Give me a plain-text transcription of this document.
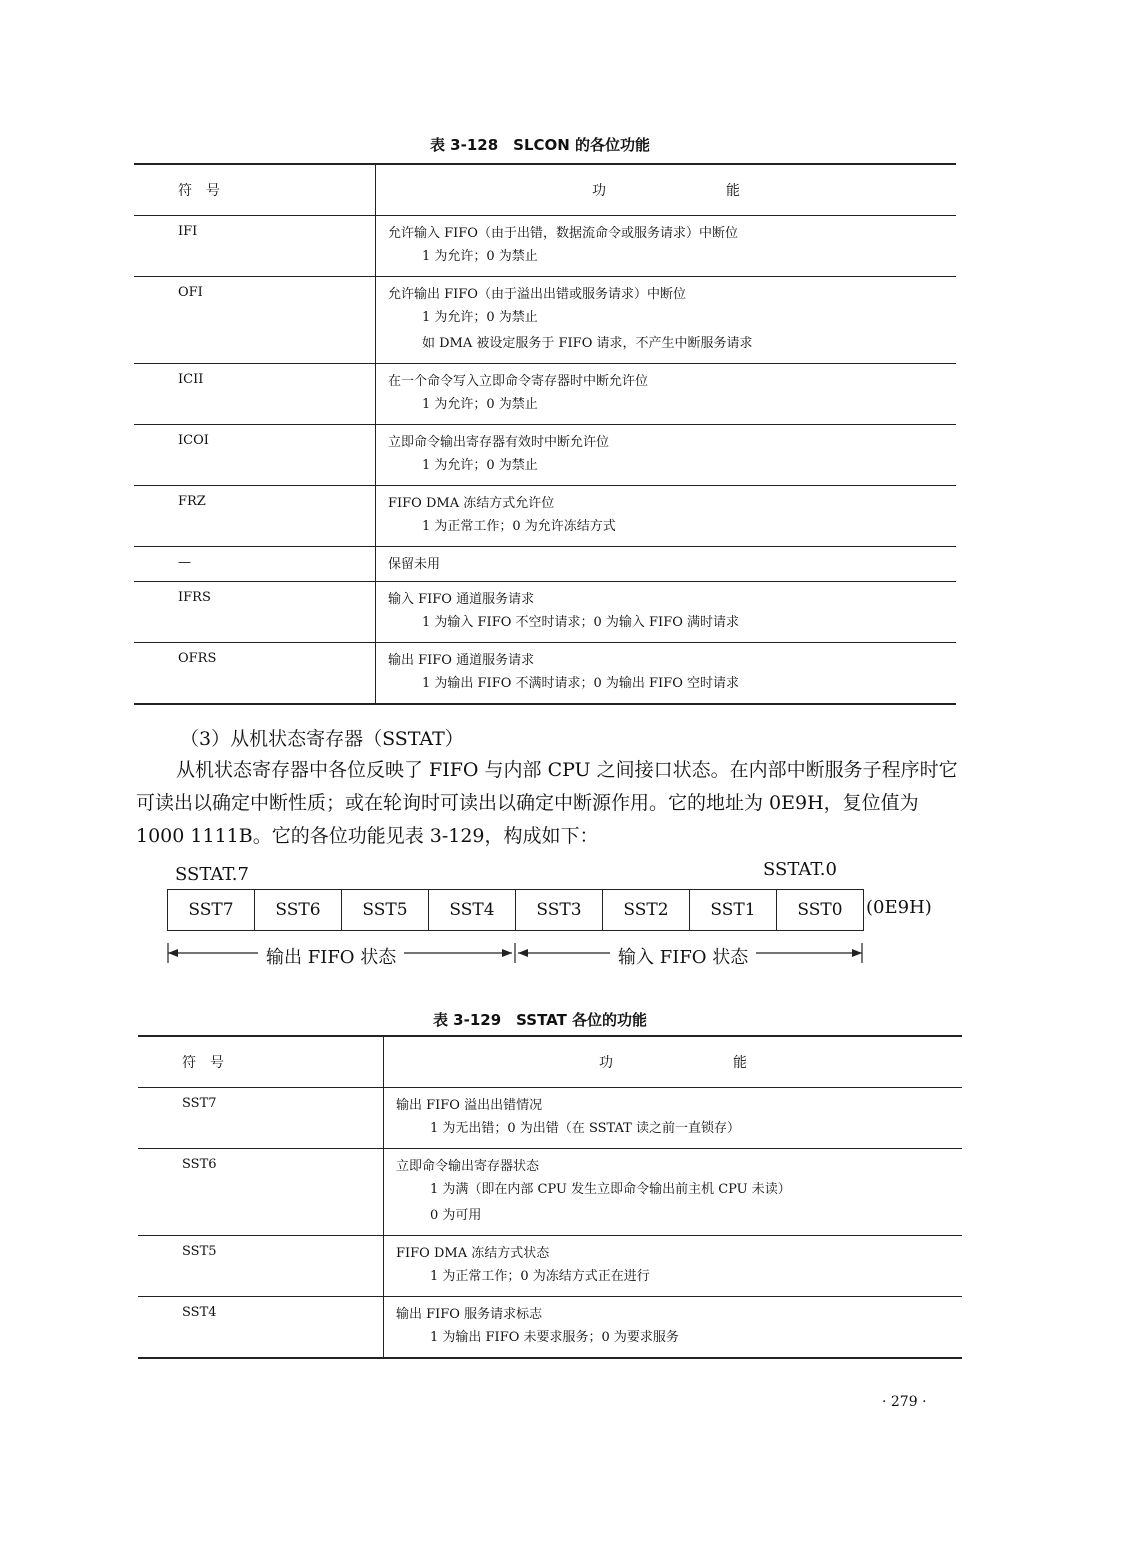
表 3-128　SLCON 的各位功能
符　号	功 能
IFI	允许输入 FIFO（由于出错，数据流命令或服务请求）中断位
1 为允许；0 为禁止

OFI	允许输出 FIFO（由于溢出出错或服务请求）中断位
1 为允许；0 为禁止
如 DMA 被设定服务于 FIFO 请求，不产生中断服务请求

ICII	在一个命令写入立即命令寄存器时中断允许位
1 为允许；0 为禁止

ICOI	立即命令输出寄存器有效时中断允许位
1 为允许；0 为禁止

FRZ	FIFO DMA 冻结方式允许位
1 为正常工作；0 为允许冻结方式

—	保留未用

IFRS	输入 FIFO 通道服务请求
1 为输入 FIFO 不空时请求；0 为输入 FIFO 满时请求

OFRS	输出 FIFO 通道服务请求
1 为输出 FIFO 不满时请求；0 为输出 FIFO 空时请求
（3）从机状态寄存器（SSTAT）
从机状态寄存器中各位反映了 FIFO 与内部 CPU 之间接口状态。在内部中断服务子程序时它可读出以确定中断性质；或在轮询时可读出以确定中断源作用。它的地址为 0E9H，复位值为 1000 1111B。它的各位功能见表 3-129，构成如下：
SSTAT.7	SSTAT.0
SST7	SST6	SST5	SST4	SST3	SST2	SST1	SST0	(0E9H)
输出 FIFO 状态	输入 FIFO 状态
表 3-129　SSTAT 各位的功能
符　号	功 能
SST7	输出 FIFO 溢出出错情况
1 为无出错；0 为出错（在 SSTAT 读之前一直锁存）

SST6	立即命令输出寄存器状态
1 为满（即在内部 CPU 发生立即命令输出前主机 CPU 未读）
0 为可用

SST5	FIFO DMA 冻结方式状态
1 为正常工作；0 为冻结方式正在进行

SST4	输出 FIFO 服务请求标志
1 为输出 FIFO 未要求服务；0 为要求服务
· 279 ·
